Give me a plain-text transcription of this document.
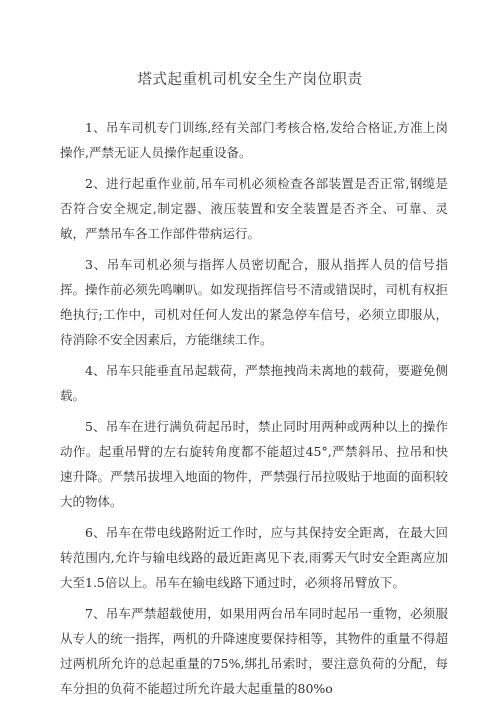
塔式起重机司机安全生产岗位职责

1、吊车司机专门训练,经有关部门考核合格,发给合格证,方准上岗操作,严禁无证人员操作起重设备。

2、进行起重作业前,吊车司机必须检查各部装置是否正常,钢缆是否符合安全规定,制定器、液压装置和安全装置是否齐全、可靠、灵敏，严禁吊车各工作部件带病运行。

3、吊车司机必须与指挥人员密切配合，服从指挥人员的信号指挥。操作前必须先鸣喇叭。如发现指挥信号不清或错误时，司机有权拒绝执行;工作中，司机对任何人发出的紧急停车信号，必须立即服从，待消除不安全因素后，方能继续工作。

4、吊车只能垂直吊起载荷，严禁拖拽尚未离地的载荷，要避免侧载。

5、吊车在进行满负荷起吊时，禁止同时用两种或两种以上的操作动作。起重吊臂的左右旋转角度都不能超过45°,严禁斜吊、拉吊和快速升降。严禁吊拔埋入地面的物件，严禁强行吊拉吸贴于地面的面积较大的物体。

6、吊车在带电线路附近工作时，应与其保持安全距离，在最大回转范围内,允许与输电线路的最近距离见下表,雨雾天气时安全距离应加大至1.5倍以上。吊车在输电线路下通过时，必须将吊臂放下。

7、吊车严禁超载使用，如果用两台吊车同时起吊一重物，必须服从专人的统一指挥，两机的升降速度要保持相等，其物件的重量不得超过两机所允许的总起重量的75%,绑扎吊索时，要注意负荷的分配，每车分担的负荷不能超过所允许最大起重量的80%o
